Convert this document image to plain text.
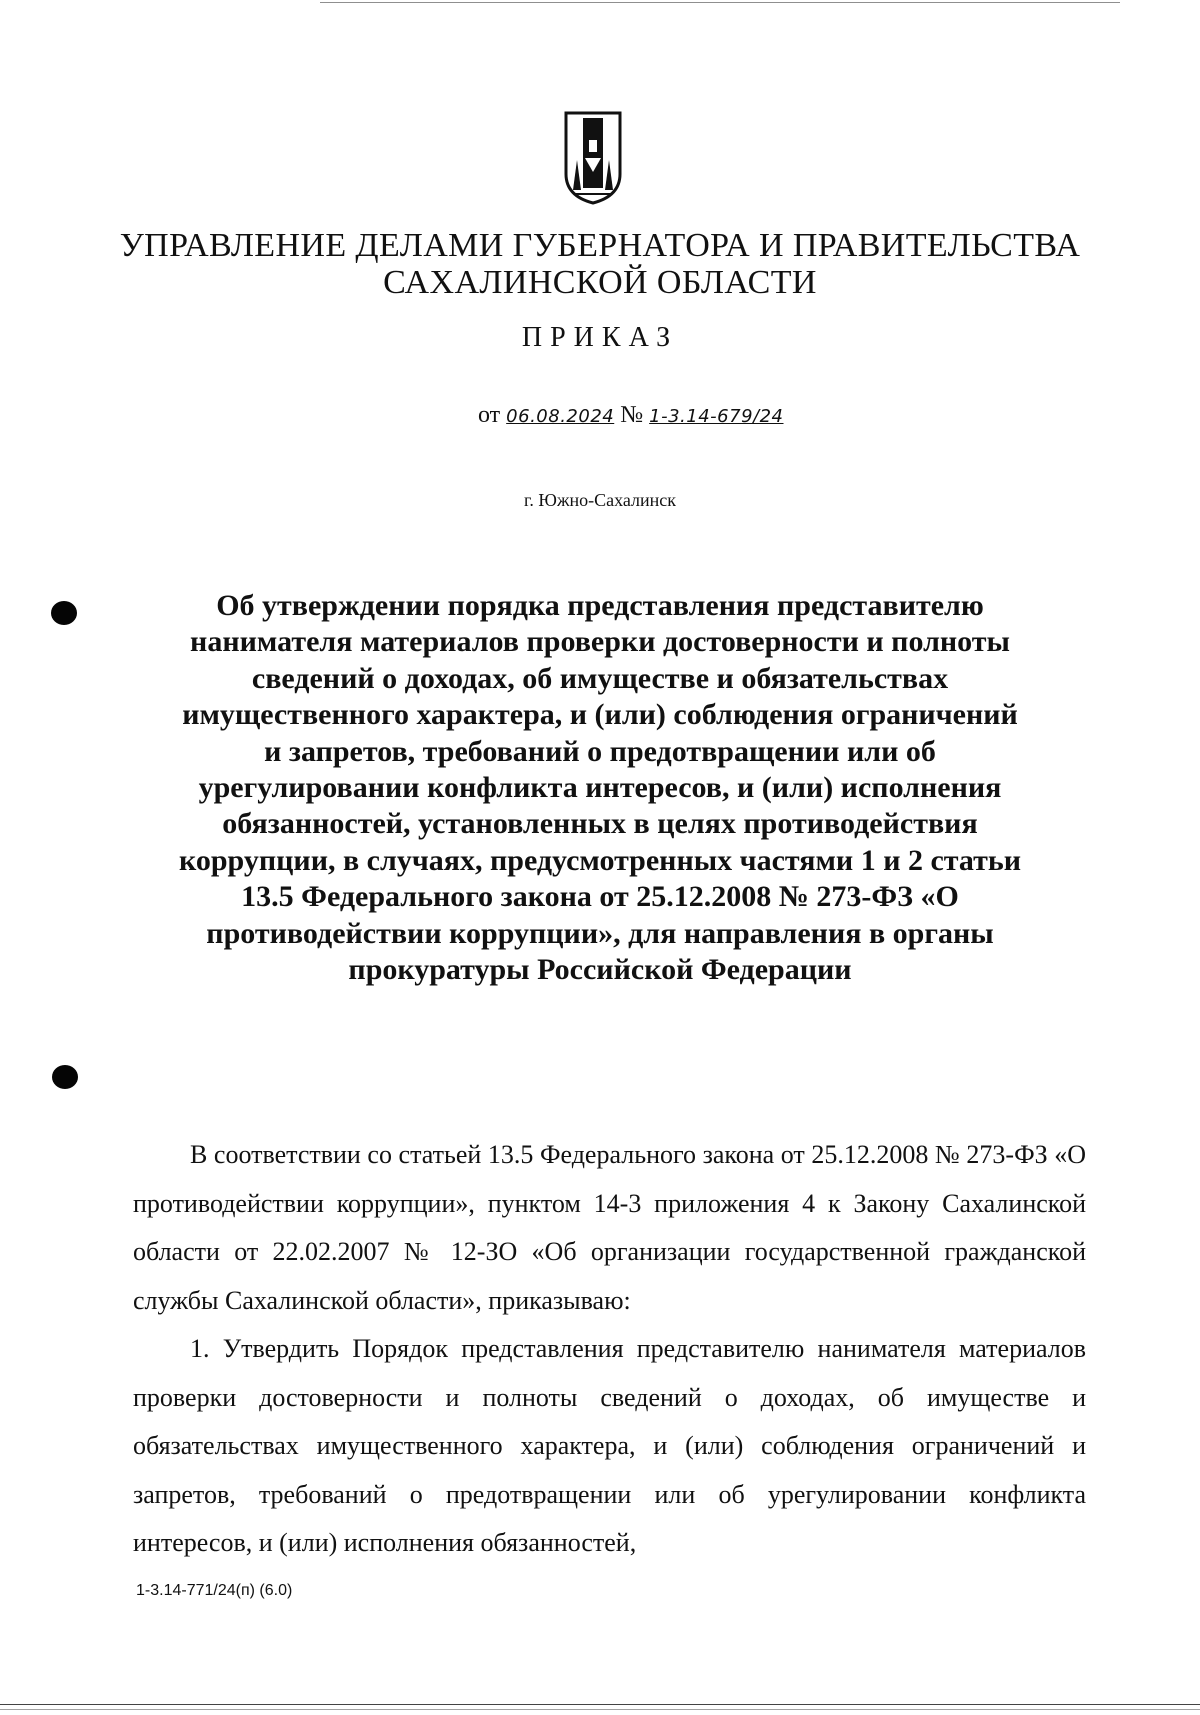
УПРАВЛЕНИЕ ДЕЛАМИ ГУБЕРНАТОРА И ПРАВИТЕЛЬСТВА
САХАЛИНСКОЙ ОБЛАСТИ
ПРИКАЗ
от 06.08.2024 № 1-3.14-679/24
г. Южно-Сахалинск
Об утверждении порядка представления представителю нанимателя материалов проверки достоверности и полноты сведений о доходах, об имуществе и обязательствах имущественного характера, и (или) соблюдения ограничений и запретов, требований о предотвращении или об урегулировании конфликта интересов, и (или) исполнения обязанностей, установленных в целях противодействия коррупции, в случаях, предусмотренных частями 1 и 2 статьи 13.5 Федерального закона от 25.12.2008 № 273-ФЗ «О противодействии коррупции», для направления в органы прокуратуры Российской Федерации

В соответствии со статьей 13.5 Федерального закона от 25.12.2008 № 273-ФЗ «О противодействии коррупции», пунктом 14-3 приложения 4 к Закону Сахалинской области от 22.02.2007 № 12-ЗО «Об организации государственной гражданской службы Сахалинской области», приказываю:

1. Утвердить Порядок представления представителю нанимателя материалов проверки достоверности и полноты сведений о доходах, об имуществе и обязательствах имущественного характера, и (или) соблюдения ограничений и запретов, требований о предотвращении или об урегулировании конфликта интересов, и (или) исполнения обязанностей,

1-3.14-771/24(п) (6.0)
